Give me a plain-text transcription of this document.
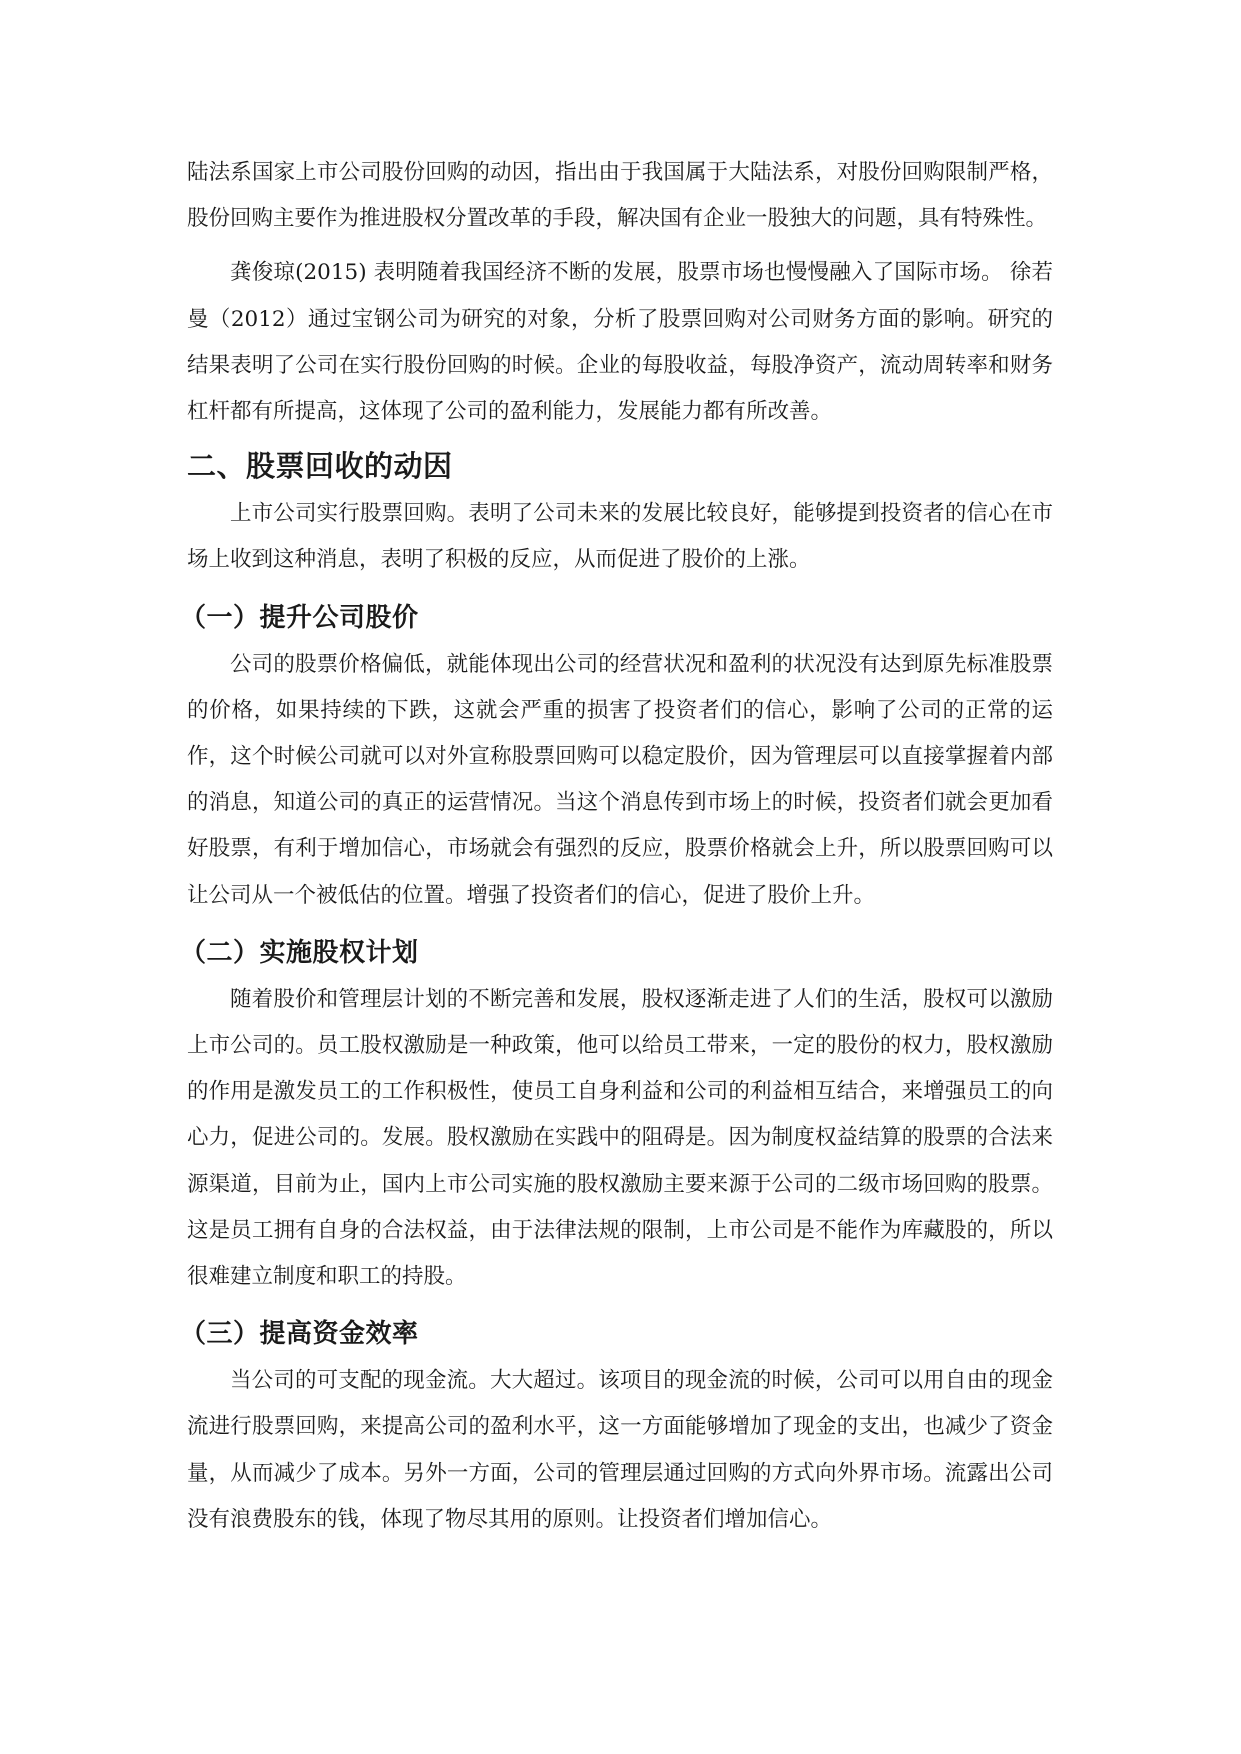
陆法系国家上市公司股份回购的动因，指出由于我国属于大陆法系，对股份回购限制严格，股份回购主要作为推进股权分置改革的手段，解决国有企业一股独大的问题，具有特殊性。

龚俊琼(2015) 表明随着我国经济不断的发展，股票市场也慢慢融入了国际市场。 徐若曼（2012）通过宝钢公司为研究的对象，分析了股票回购对公司财务方面的影响。研究的结果表明了公司在实行股份回购的时候。企业的每股收益，每股净资产，流动周转率和财务杠杆都有所提高，这体现了公司的盈利能力，发展能力都有所改善。

二、股票回收的动因

上市公司实行股票回购。表明了公司未来的发展比较良好，能够提到投资者的信心在市场上收到这种消息，表明了积极的反应，从而促进了股价的上涨。

（一）提升公司股价

公司的股票价格偏低，就能体现出公司的经营状况和盈利的状况没有达到原先标准股票的价格，如果持续的下跌，这就会严重的损害了投资者们的信心，影响了公司的正常的运作，这个时候公司就可以对外宣称股票回购可以稳定股价，因为管理层可以直接掌握着内部的消息，知道公司的真正的运营情况。当这个消息传到市场上的时候，投资者们就会更加看好股票，有利于增加信心，市场就会有强烈的反应，股票价格就会上升，所以股票回购可以让公司从一个被低估的位置。增强了投资者们的信心，促进了股价上升。

（二）实施股权计划

随着股价和管理层计划的不断完善和发展，股权逐渐走进了人们的生活，股权可以激励上市公司的。员工股权激励是一种政策，他可以给员工带来，一定的股份的权力，股权激励的作用是激发员工的工作积极性，使员工自身利益和公司的利益相互结合，来增强员工的向心力，促进公司的。发展。股权激励在实践中的阻碍是。因为制度权益结算的股票的合法来源渠道，目前为止，国内上市公司实施的股权激励主要来源于公司的二级市场回购的股票。这是员工拥有自身的合法权益，由于法律法规的限制，上市公司是不能作为库藏股的，所以很难建立制度和职工的持股。

（三）提高资金效率

当公司的可支配的现金流。大大超过。该项目的现金流的时候，公司可以用自由的现金流进行股票回购，来提高公司的盈利水平，这一方面能够增加了现金的支出，也减少了资金量，从而减少了成本。另外一方面，公司的管理层通过回购的方式向外界市场。流露出公司没有浪费股东的钱，体现了物尽其用的原则。让投资者们增加信心。
